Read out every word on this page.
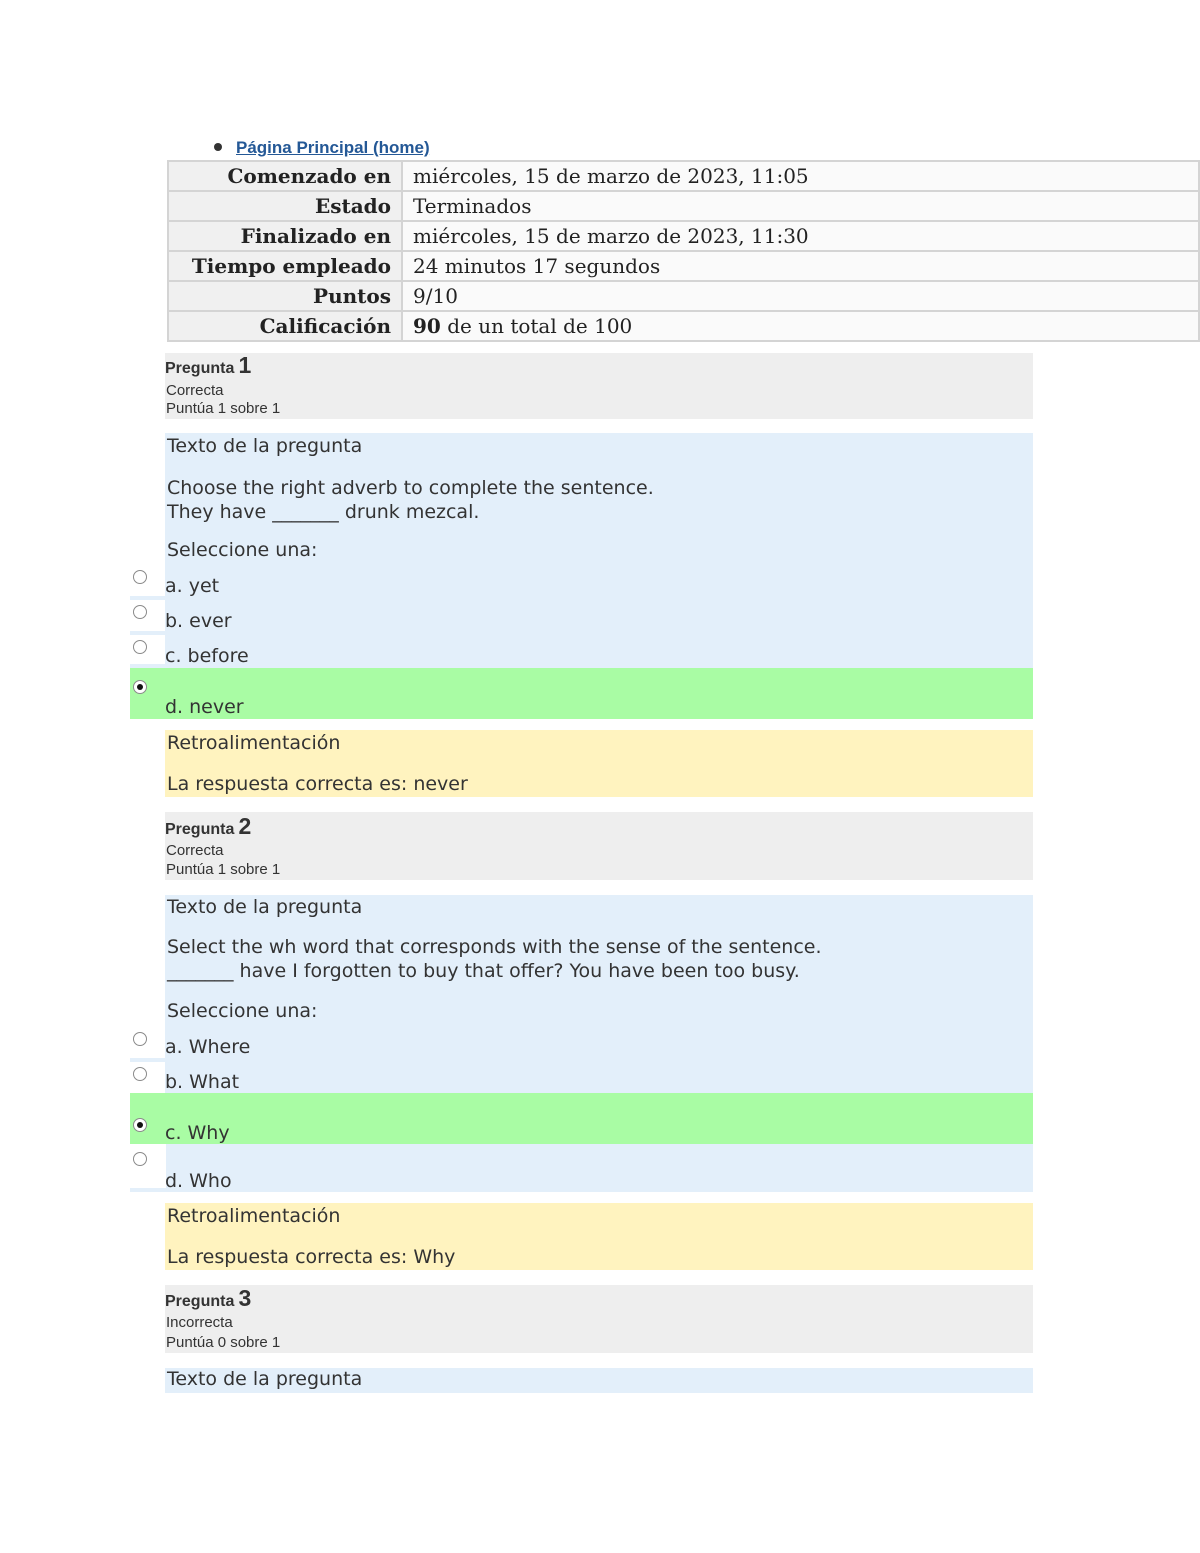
Página Principal (home)
Comenzado en	miércoles, 15 de marzo de 2023, 11:05
Estado	Terminados
Finalizado en	miércoles, 15 de marzo de 2023, 11:30
Tiempo empleado	24 minutos 17 segundos
Puntos	9/10
Calificación	90 de un total de 100
Pregunta 1
Correcta
Puntúa 1 sobre 1
Texto de la pregunta
Choose the right adverb to complete the sentence.
They have _______ drunk mezcal.
Seleccione una:
a. yet
b. ever
c. before
d. never
Retroalimentación
La respuesta correcta es: never
Pregunta 2
Correcta
Puntúa 1 sobre 1
Texto de la pregunta
Select the wh word that corresponds with the sense of the sentence.
_______ have I forgotten to buy that offer? You have been too busy.
Seleccione una:
a. Where
b. What
c. Why
d. Who
Retroalimentación
La respuesta correcta es: Why
Pregunta 3
Incorrecta
Puntúa 0 sobre 1
Texto de la pregunta
